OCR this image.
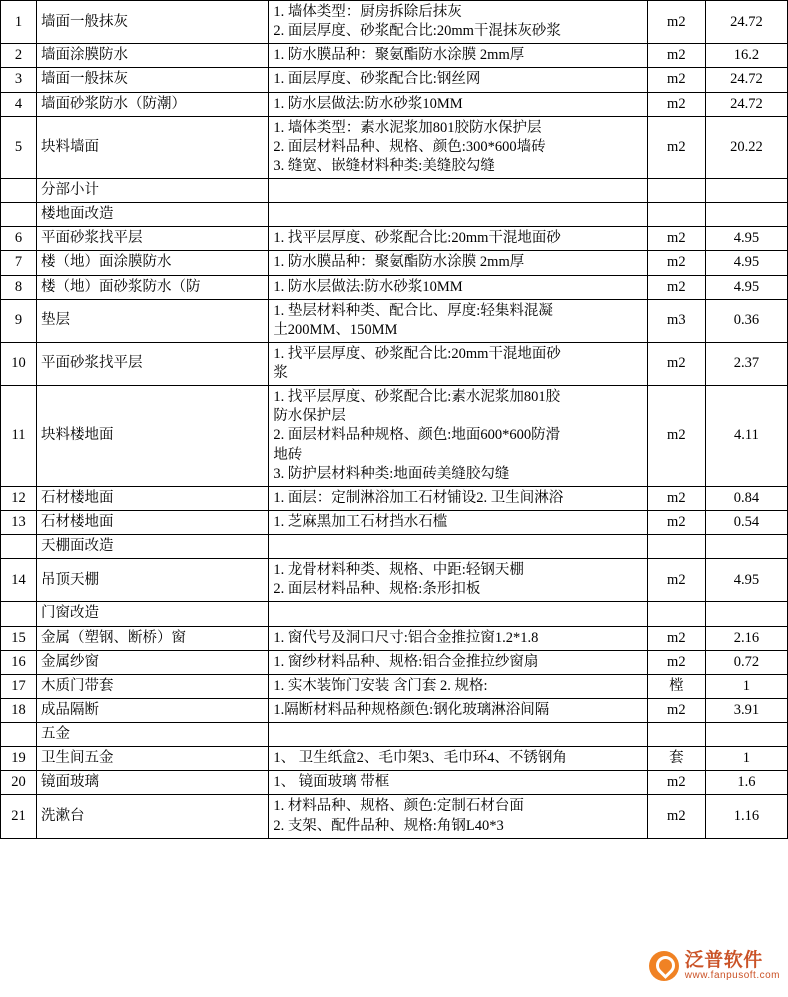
1	墙面一般抹灰	1. 墙体类型：厨房拆除后抹灰
2. 面层厚度、砂浆配合比:20mm干混抹灰砂浆	m2	24.72
2	墙面涂膜防水	1. 防水膜品种：聚氨酯防水涂膜 2mm厚	m2	16.2
3	墙面一般抹灰	1. 面层厚度、砂浆配合比:钢丝网	m2	24.72
4	墙面砂浆防水（防潮）	1. 防水层做法:防水砂浆10MM	m2	24.72
5	块料墙面	1. 墙体类型：素水泥浆加801胶防水保护层
2. 面层材料品种、规格、颜色:300*600墙砖
3. 缝宽、嵌缝材料种类:美缝胶勾缝	m2	20.22
	分部小计			
	楼地面改造			
6	平面砂浆找平层	1. 找平层厚度、砂浆配合比:20mm干混地面砂	m2	4.95
7	楼（地）面涂膜防水	1. 防水膜品种：聚氨酯防水涂膜 2mm厚	m2	4.95
8	楼（地）面砂浆防水（防	1. 防水层做法:防水砂浆10MM	m2	4.95
9	垫层	1. 垫层材料种类、配合比、厚度:轻集料混凝
土200MM、150MM	m3	0.36
10	平面砂浆找平层	1. 找平层厚度、砂浆配合比:20mm干混地面砂
浆	m2	2.37
11	块料楼地面	1. 找平层厚度、砂浆配合比:素水泥浆加801胶
防水保护层
2. 面层材料品种规格、颜色:地面600*600防滑
地砖
3. 防护层材料种类:地面砖美缝胶勾缝	m2	4.11
12	石材楼地面	1. 面层：定制淋浴加工石材铺设2. 卫生间淋浴	m2	0.84
13	石材楼地面	1. 芝麻黑加工石材挡水石槛	m2	0.54
	天棚面改造			
14	吊顶天棚	1. 龙骨材料种类、规格、中距:轻钢天棚
2. 面层材料品种、规格:条形扣板	m2	4.95
	门窗改造			
15	金属（塑钢、断桥）窗	1. 窗代号及洞口尺寸:铝合金推拉窗1.2*1.8	m2	2.16
16	金属纱窗	1. 窗纱材料品种、规格:铝合金推拉纱窗扇	m2	0.72
17	木质门带套	1. 实木装饰门安装 含门套 2. 规格:	樘	1
18	成品隔断	1.隔断材料品种规格颜色:钢化玻璃淋浴间隔	m2	3.91
	五金			
19	卫生间五金	1、 卫生纸盒2、毛巾架3、毛巾环4、不锈钢角	套	1
20	镜面玻璃	1、 镜面玻璃 带框	m2	1.6
21	洗漱台	1. 材料品种、规格、颜色:定制石材台面
2. 支架、配件品种、规格:角钢L40*3	m2	1.16
泛普软件
www.fanpusoft.com
